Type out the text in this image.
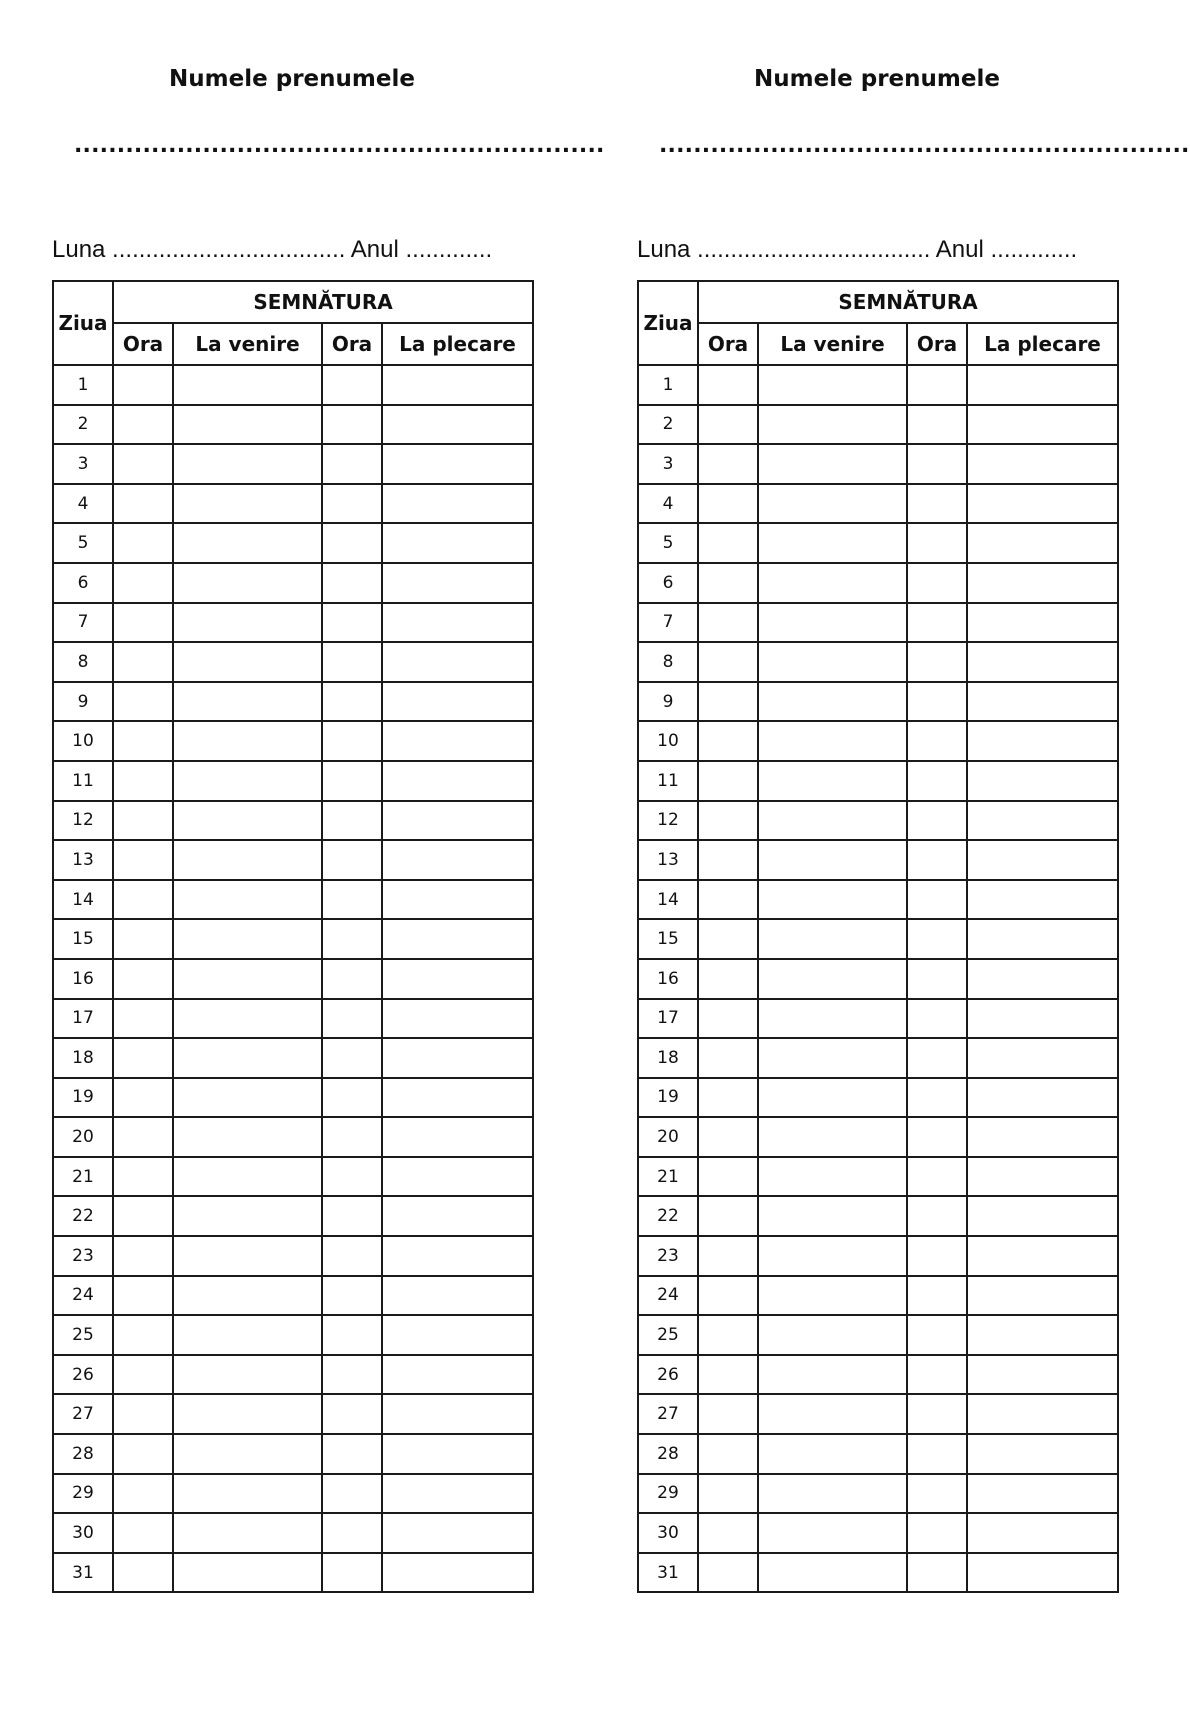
Numele prenumele
..............................................................
Luna ................................... Anul .............
Ziua	SEMNĂTURA			
	Ora	La venire	Ora	La plecare
1				
2				
3				
4				
5				
6				
7				
8				
9				
10				
11				
12				
13				
14				
15				
16				
17				
18				
19				
20				
21				
22				
23				
24				
25				
26				
27				
28				
29				
30				
31				
Numele prenumele
..............................................................
Luna ................................... Anul .............
Ziua	SEMNĂTURA			
	Ora	La venire	Ora	La plecare
1				
2				
3				
4				
5				
6				
7				
8				
9				
10				
11				
12				
13				
14				
15				
16				
17				
18				
19				
20				
21				
22				
23				
24				
25				
26				
27				
28				
29				
30				
31				
